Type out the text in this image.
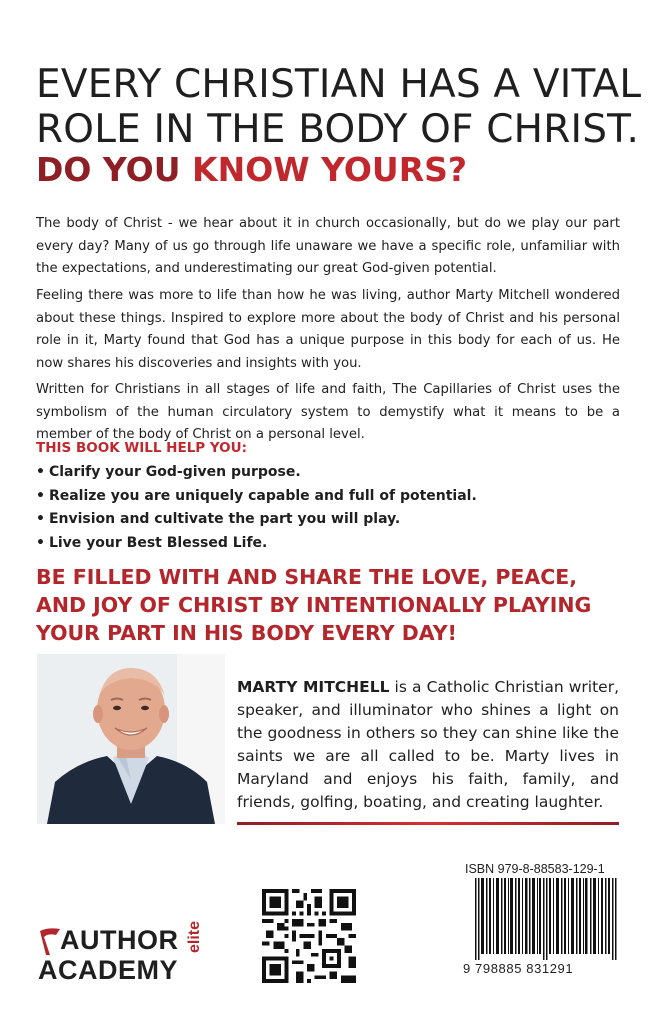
EVERY CHRISTIAN HAS A VITAL
ROLE IN THE BODY OF CHRIST.
DO YOU KNOW YOURS?

The body of Christ - we hear about it in church occasionally, but do we play our part every day? Many of us go through life unaware we have a specific role, unfamiliar with the expectations, and underestimating our great God-given potential.

Feeling there was more to life than how he was living, author Marty Mitchell wondered about these things. Inspired to explore more about the body of Christ and his personal role in it, Marty found that God has a unique purpose in this body for each of us. He now shares his discoveries and insights with you.

Written for Christians in all stages of life and faith, The Capillaries of Christ uses the symbolism of the human circulatory system to demystify what it means to be a member of the body of Christ on a personal level.

THIS BOOK WILL HELP YOU:
• Clarify your God-given purpose.
• Realize you are uniquely capable and full of potential.
• Envision and cultivate the part you will play.
• Live your Best Blessed Life.
BE FILLED WITH AND SHARE THE LOVE, PEACE,
AND JOY OF CHRIST BY INTENTIONALLY PLAYING
YOUR PART IN HIS BODY EVERY DAY!

MARTY MITCHELL is a Catholic Christian writer, speaker, and illuminator who shines a light on the goodness in others so they can shine like the saints we are all called to be. Marty lives in Maryland and enjoys his faith, family, and friends, golfing, boating, and creating laughter.

AUTHOR
ACADEMY
elite
ISBN 979-8-88583-129-1
9 798885 831291
